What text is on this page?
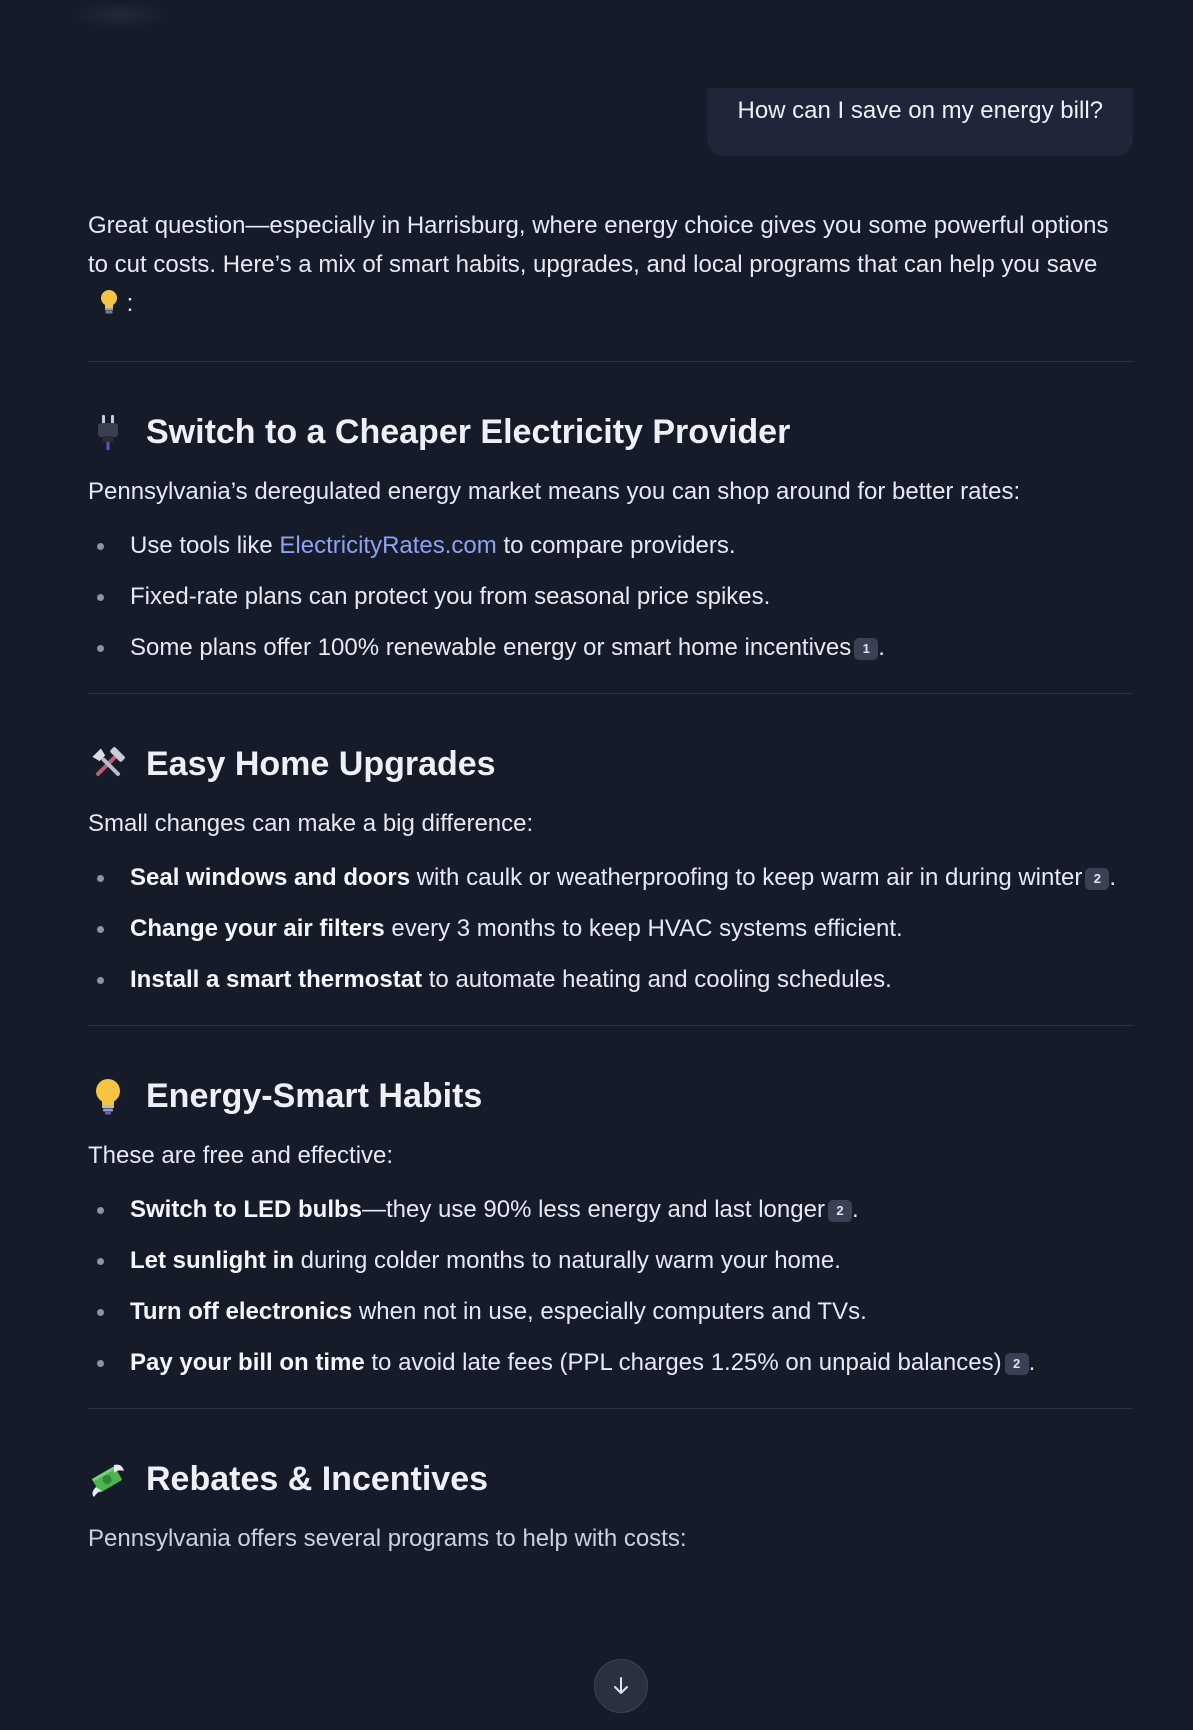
How can I save on my energy bill?
Great question—especially in Harrisburg, where energy choice gives you some powerful options to cut costs. Here’s a mix of smart habits, upgrades, and local programs that can help you save  :
Switch to a Cheaper Electricity Provider
Pennsylvania’s deregulated energy market means you can shop around for better rates:
Use tools like ElectricityRates.com to compare providers.
Fixed-rate plans can protect you from seasonal price spikes.
Some plans offer 100% renewable energy or smart home incentives 1 .
Easy Home Upgrades
Small changes can make a big difference:
Seal windows and doors with caulk or weatherproofing to keep warm air in during winter 2 .
Change your air filters every 3 months to keep HVAC systems efficient.
Install a smart thermostat to automate heating and cooling schedules.
Energy-Smart Habits
These are free and effective:
Switch to LED bulbs—they use 90% less energy and last longer 2 .
Let sunlight in during colder months to naturally warm your home.
Turn off electronics when not in use, especially computers and TVs.
Pay your bill on time to avoid late fees (PPL charges 1.25% on unpaid balances) 2 .
Rebates & Incentives
Pennsylvania offers several programs to help with costs:
